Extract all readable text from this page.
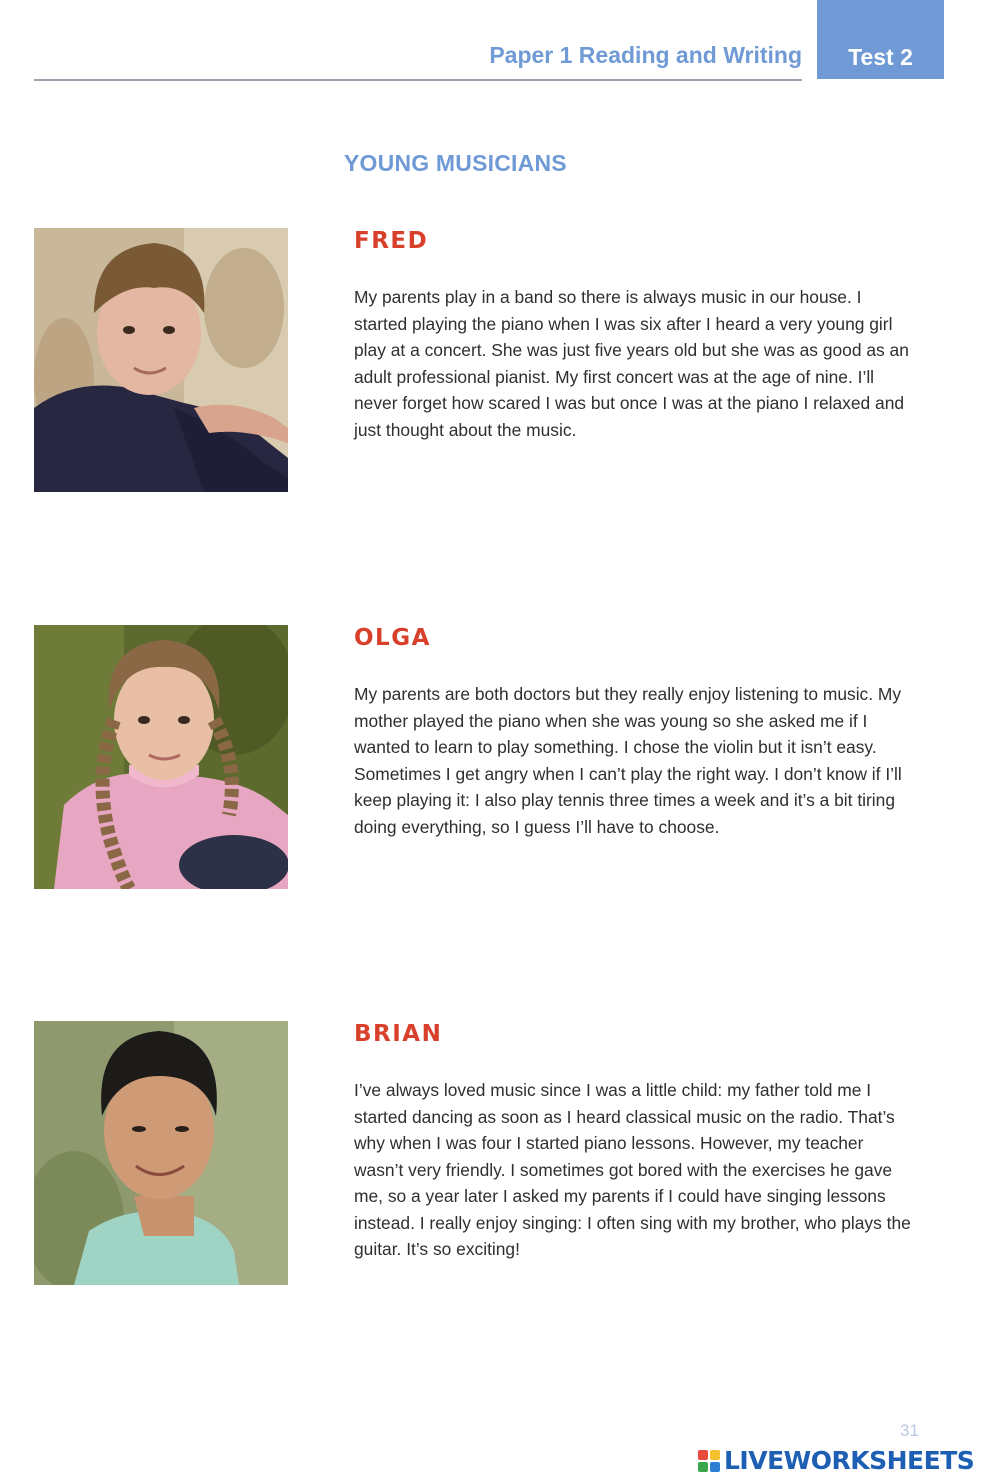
Paper 1 Reading and Writing	Test 2
YOUNG MUSICIANS
FRED
My parents play in a band so there is always music in our house. I started playing the piano when I was six after I heard a very young girl play at a concert. She was just five years old but she was as good as an adult professional pianist. My first concert was at the age of nine. I’ll never forget how scared I was but once I was at the piano I relaxed and just thought about the music.
OLGA
My parents are both doctors but they really enjoy listening to music. My mother played the piano when she was young so she asked me if I wanted to learn to play something. I chose the violin but it isn’t easy. Sometimes I get angry when I can’t play the right way. I don’t know if I’ll keep playing it: I also play tennis three times a week and it’s a bit tiring doing everything, so I guess I’ll have to choose.
BRIAN
I’ve always loved music since I was a little child: my father told me I started dancing as soon as I heard classical music on the radio. That’s why when I was four I started piano lessons. However, my teacher wasn’t very friendly. I sometimes got bored with the exercises he gave me, so a year later I asked my parents if I could have singing lessons instead. I really enjoy singing: I often sing with my brother, who plays the guitar. It’s so exciting!
31
LIVEWORKSHEETS
